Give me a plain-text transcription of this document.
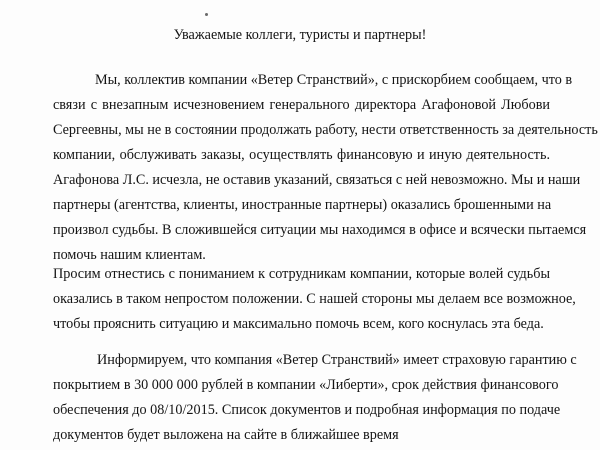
Уважаемые коллеги, туристы и партнеры!
Мы, коллектив компании «Ветер Странствий», с прискорбием сообщаем, что в
связи с внезапным исчезновением генерального директора Агафоновой Любови
Сергеевны, мы не в состоянии продолжать работу, нести ответственность за деятельность
компании, обслуживать заказы, осуществлять финансовую и иную деятельность.
Агафонова Л.С. исчезла, не оставив указаний, связаться с ней невозможно. Мы и наши
партнеры (агентства, клиенты, иностранные партнеры) оказались брошенными на
произвол судьбы. В сложившейся ситуации мы находимся в офисе и всячески пытаемся
помочь нашим клиентам.
Просим отнестись с пониманием к сотрудникам компании, которые волей судьбы
оказались в таком непростом положении. С нашей стороны мы делаем все возможное,
чтобы прояснить ситуацию и максимально помочь всем, кого коснулась эта беда.
Информируем, что компания «Ветер Странствий» имеет страховую гарантию с
покрытием в 30 000 000 рублей в компании «Либерти», срок действия финансового
обеспечения до 08/10/2015. Список документов и подробная информация по подаче
документов будет выложена на сайте в ближайшее время
